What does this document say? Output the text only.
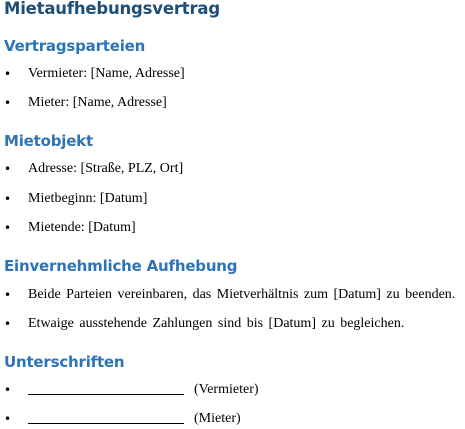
Mietaufhebungsvertrag
Vertragsparteien
• Vermieter: [Name, Adresse]
• Mieter: [Name, Adresse]
Mietobjekt
• Adresse: [Straße, PLZ, Ort]
• Mietbeginn: [Datum]
• Mietende: [Datum]
Einvernehmliche Aufhebung
• Beide Parteien vereinbaren, das Mietverhältnis zum [Datum] zu beenden.
• Etwaige ausstehende Zahlungen sind bis [Datum] zu begleichen.
Unterschriften
•	(Vermieter)
•	(Mieter)
